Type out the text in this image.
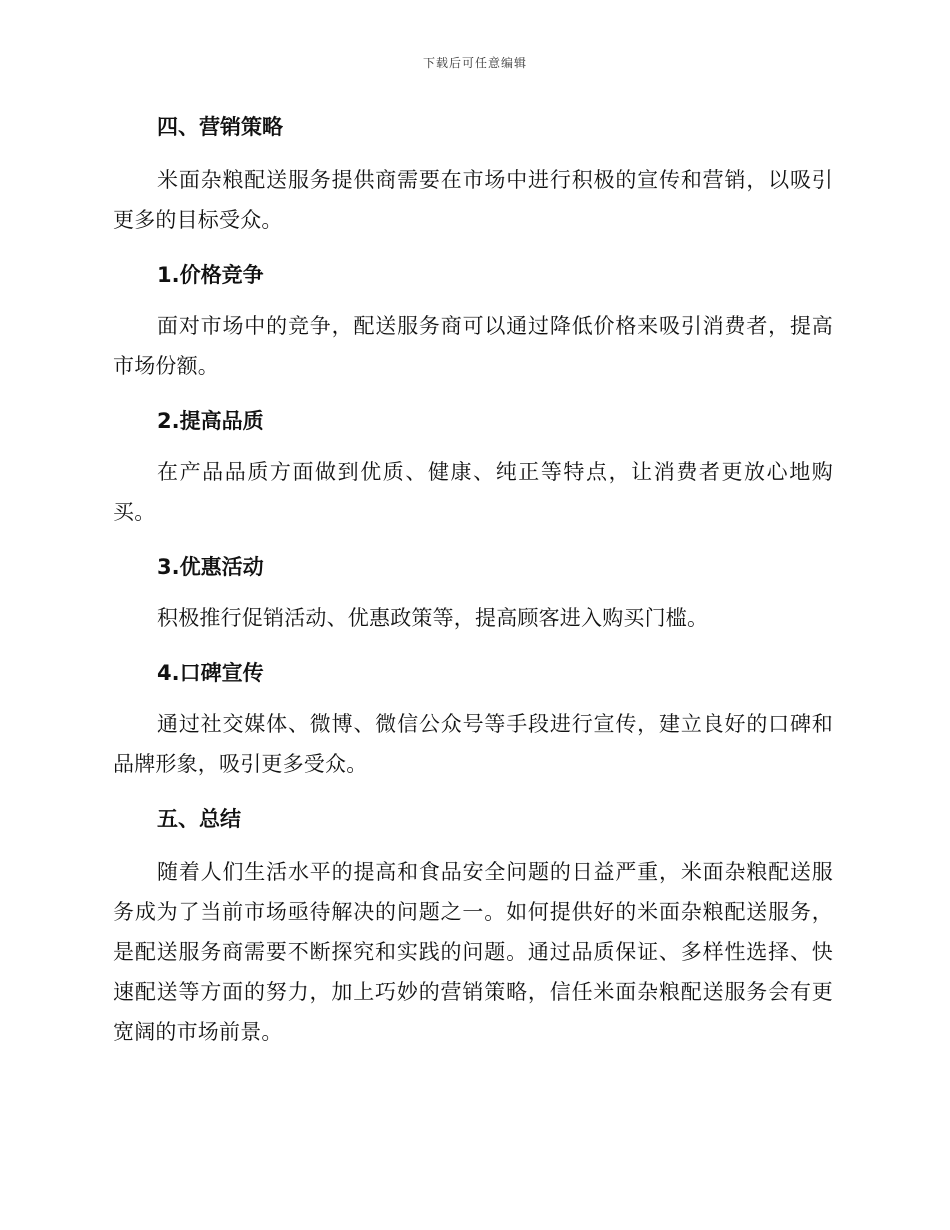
下载后可任意编辑
四、营销策略

米面杂粮配送服务提供商需要在市场中进行积极的宣传和营销，以吸引更多的目标受众。

1.价格竞争

面对市场中的竞争，配送服务商可以通过降低价格来吸引消费者，提高市场份额。

2.提高品质

在产品品质方面做到优质、健康、纯正等特点，让消费者更放心地购买。

3.优惠活动

积极推行促销活动、优惠政策等，提高顾客进入购买门槛。

4.口碑宣传

通过社交媒体、微博、微信公众号等手段进行宣传，建立良好的口碑和品牌形象，吸引更多受众。

五、总结

随着人们生活水平的提高和食品安全问题的日益严重，米面杂粮配送服务成为了当前市场亟待解决的问题之一。如何提供好的米面杂粮配送服务，是配送服务商需要不断探究和实践的问题。通过品质保证、多样性选择、快速配送等方面的努力，加上巧妙的营销策略，信任米面杂粮配送服务会有更宽阔的市场前景。
